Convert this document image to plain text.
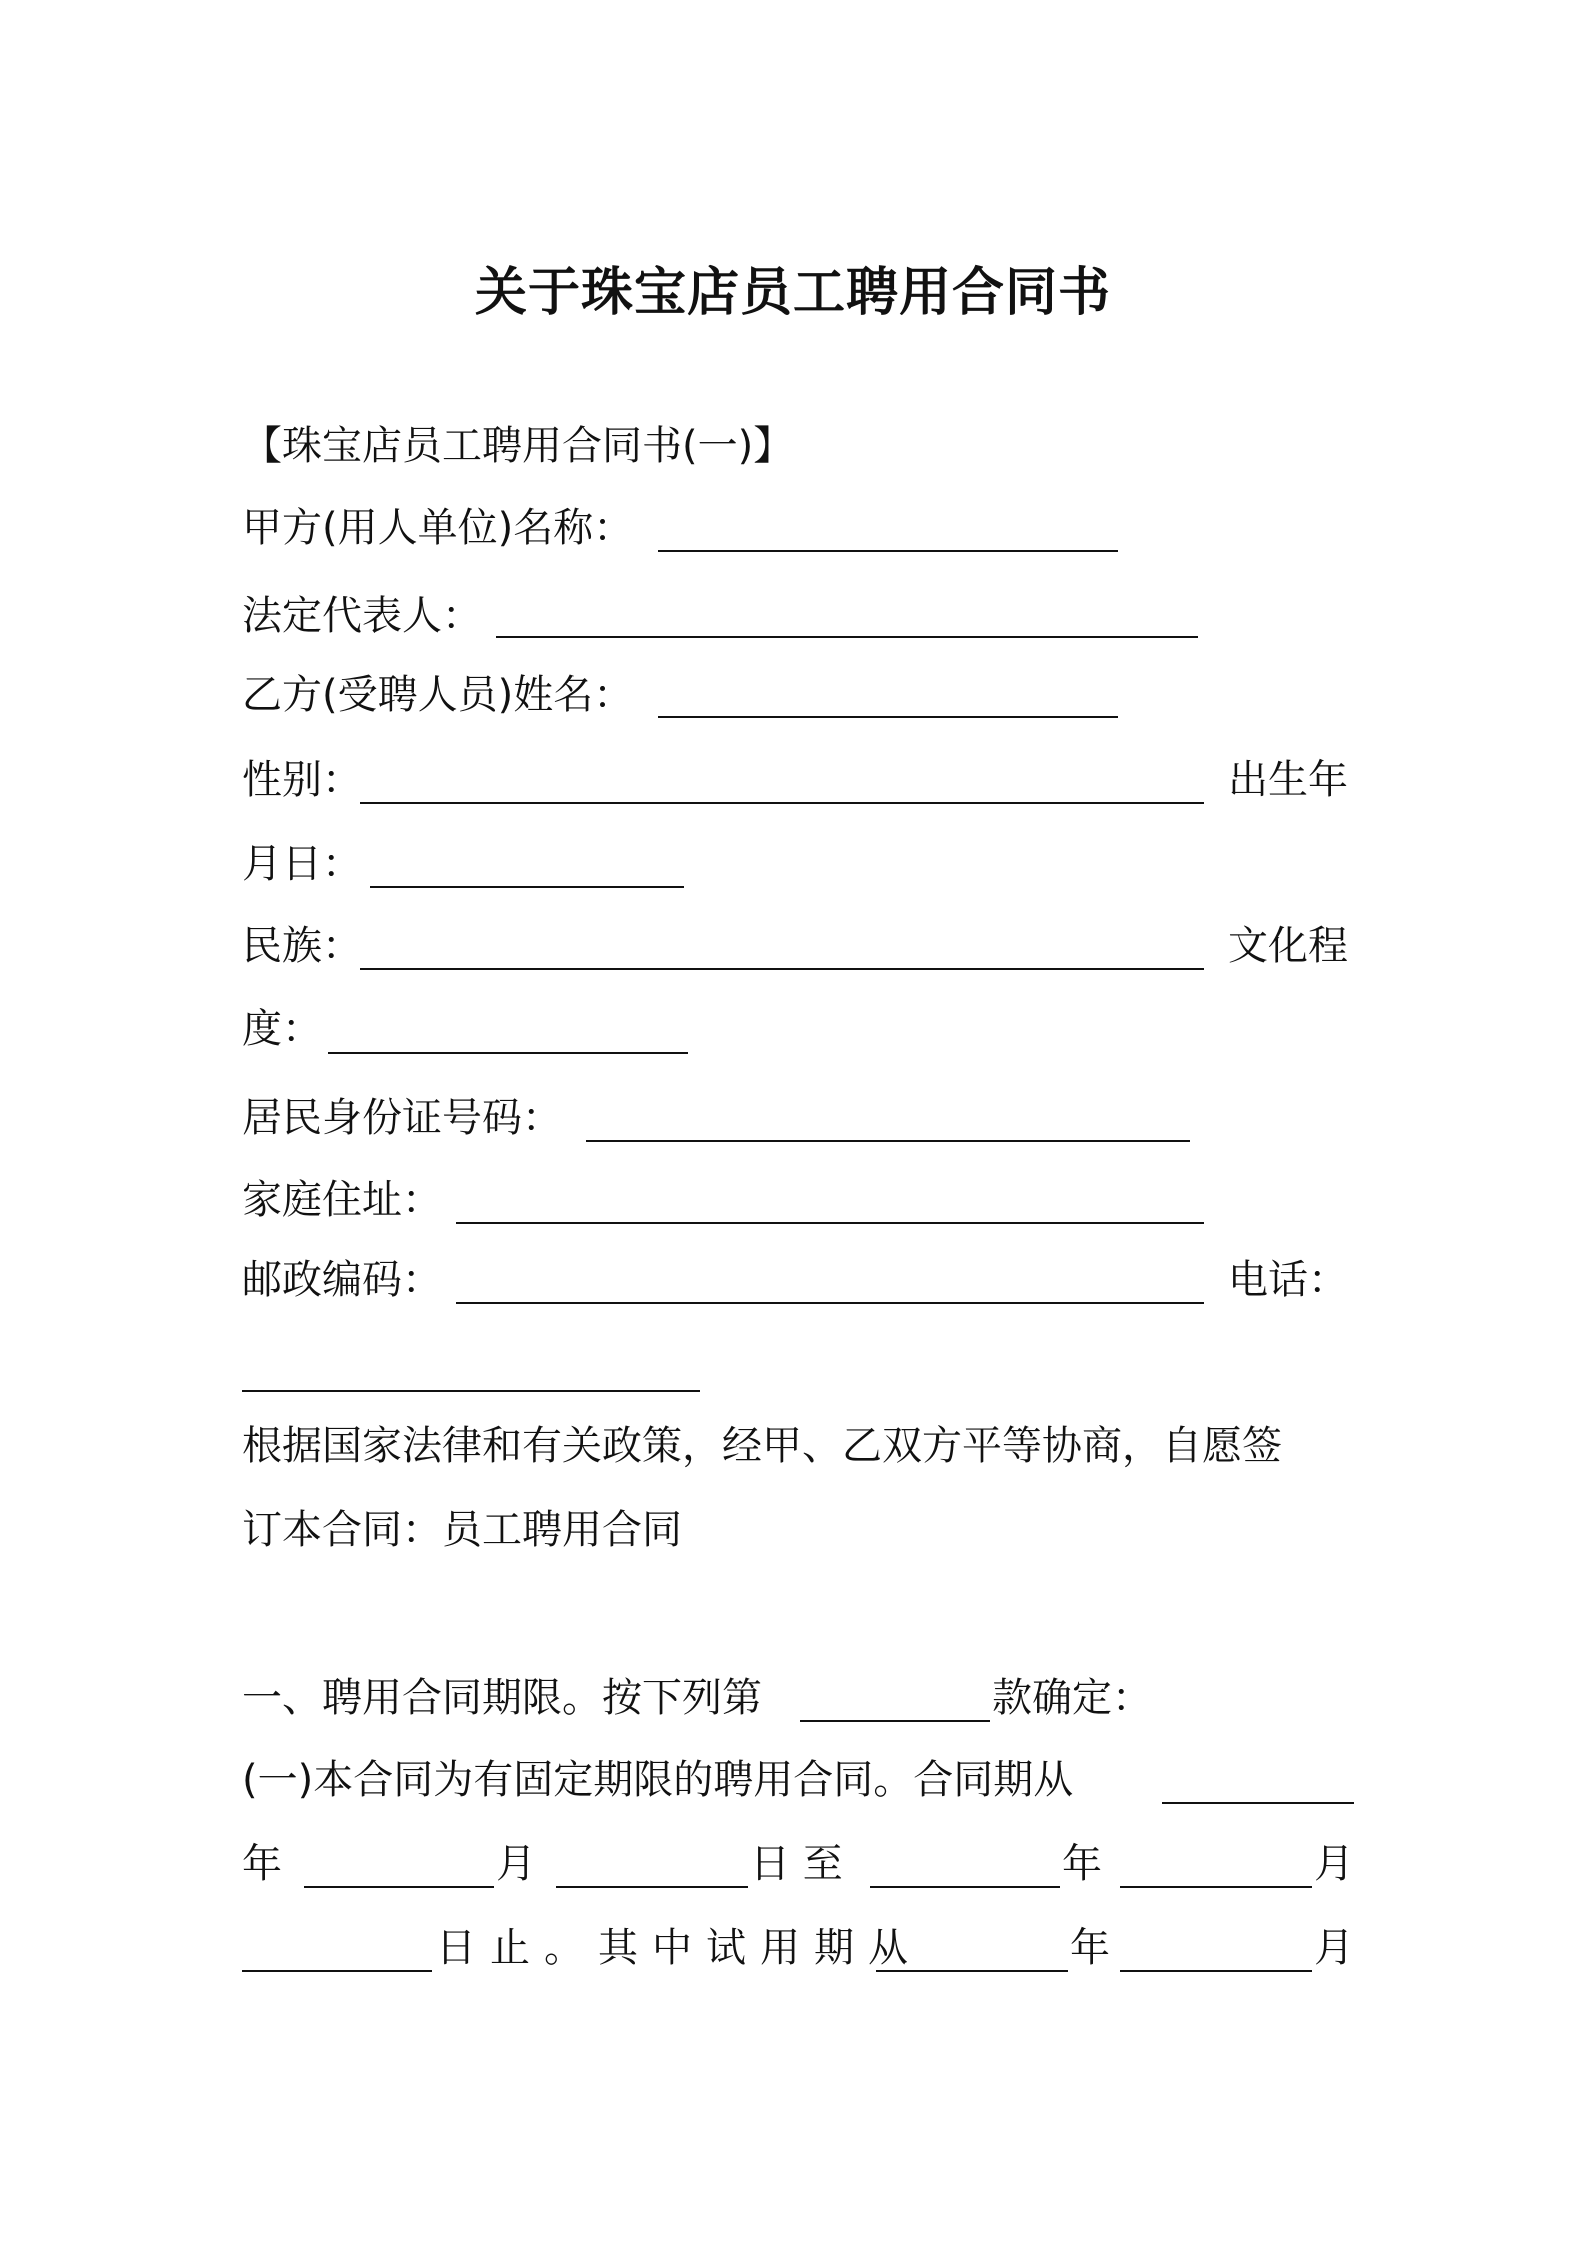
关于珠宝店员工聘用合同书
【珠宝店员工聘用合同书(一)】
甲方(用人单位)名称：
法定代表人：
乙方(受聘人员)姓名：
性别：	出生年
月日：
民族：	文化程
度：
居民身份证号码：
家庭住址：
邮政编码：	电话：
根据国家法律和有关政策，经甲、乙双方平等协商，自愿签
订本合同：员工聘用合同
一、聘用合同期限。按下列第	款确定：
(一)本合同为有固定期限的聘用合同。合同期从
年	月	日 至	年	月
日止。其中试用期从	年	月
